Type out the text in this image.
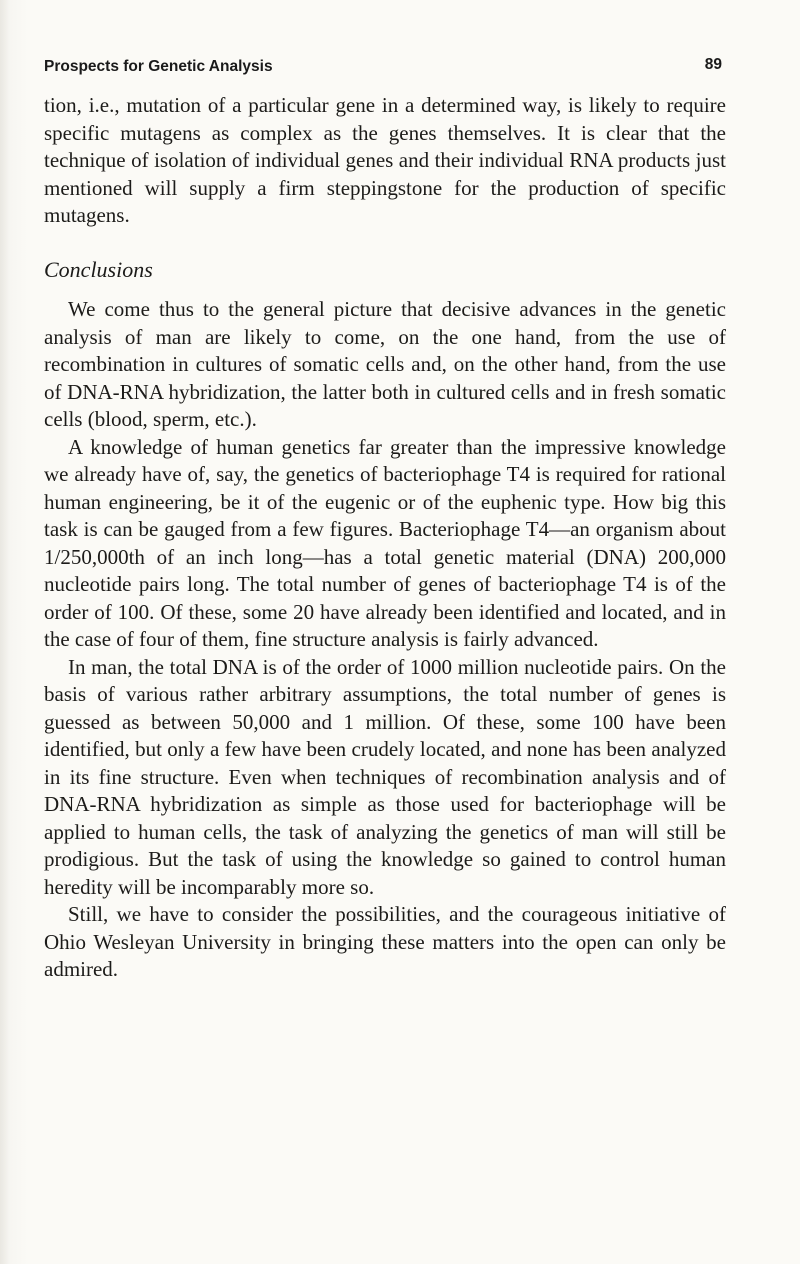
Prospects for Genetic Analysis	89
tion, i.e., mutation of a particular gene in a determined way, is likely to require specific mutagens as complex as the genes themselves. It is clear that the technique of isolation of individual genes and their individual RNA products just mentioned will supply a firm steppingstone for the production of specific mutagens.
Conclusions

We come thus to the general picture that decisive advances in the genetic analysis of man are likely to come, on the one hand, from the use of recombination in cultures of somatic cells and, on the other hand, from the use of DNA-RNA hybridization, the latter both in cultured cells and in fresh somatic cells (blood, sperm, etc.).

A knowledge of human genetics far greater than the impressive knowledge we already have of, say, the genetics of bacteriophage T4 is required for rational human engineering, be it of the eugenic or of the euphenic type. How big this task is can be gauged from a few figures. Bacteriophage T4—an organism about 1/250,000th of an inch long—has a total genetic material (DNA) 200,000 nucleotide pairs long. The total number of genes of bacteriophage T4 is of the order of 100. Of these, some 20 have already been identified and located, and in the case of four of them, fine structure analysis is fairly advanced.

In man, the total DNA is of the order of 1000 million nucleotide pairs. On the basis of various rather arbitrary assumptions, the total number of genes is guessed as between 50,000 and 1 million. Of these, some 100 have been identified, but only a few have been crudely located, and none has been analyzed in its fine structure. Even when techniques of recombination analysis and of DNA-RNA hybridization as simple as those used for bacteriophage will be applied to human cells, the task of analyzing the genetics of man will still be prodigious. But the task of using the knowledge so gained to control human heredity will be incomparably more so.

Still, we have to consider the possibilities, and the courageous initiative of Ohio Wesleyan University in bringing these matters into the open can only be admired.
